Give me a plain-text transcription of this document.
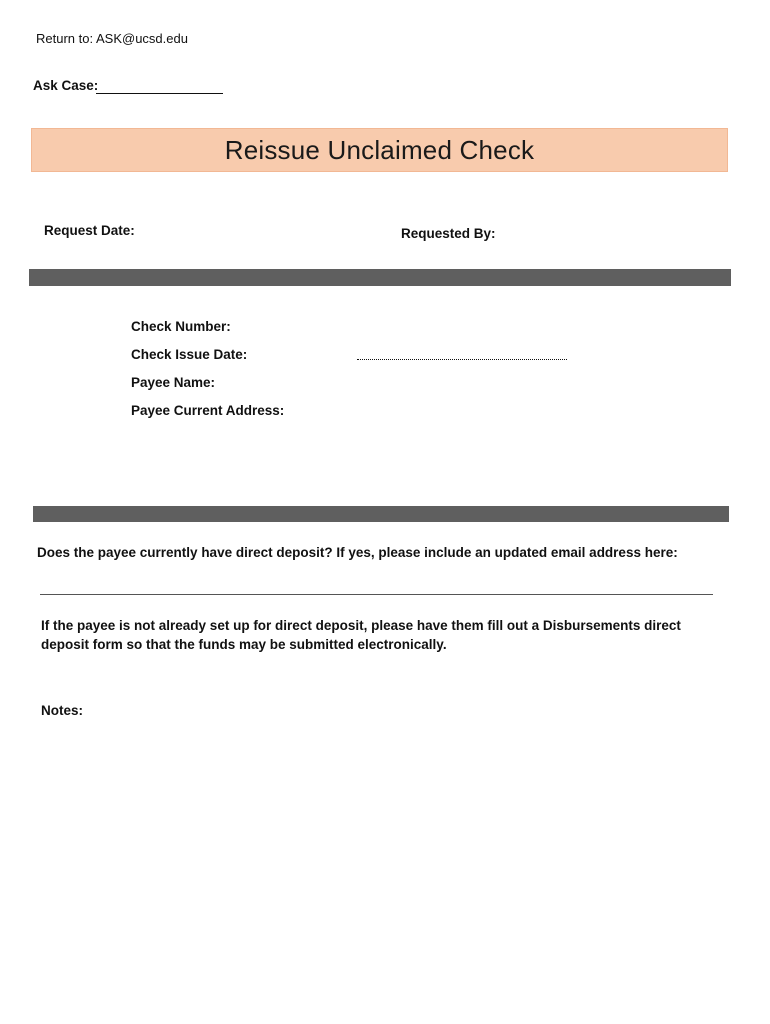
Return to: ASK@ucsd.edu
Ask Case:
Reissue Unclaimed Check
Request Date:	Requested By:
Check Number:
Check Issue Date:
Payee Name:
Payee Current Address:
Does the payee currently have direct deposit? If yes, please include an updated email address here:
If the payee is not already set up for direct deposit, please have them fill out a Disbursements direct deposit form so that the funds may be submitted electronically.
Notes:
